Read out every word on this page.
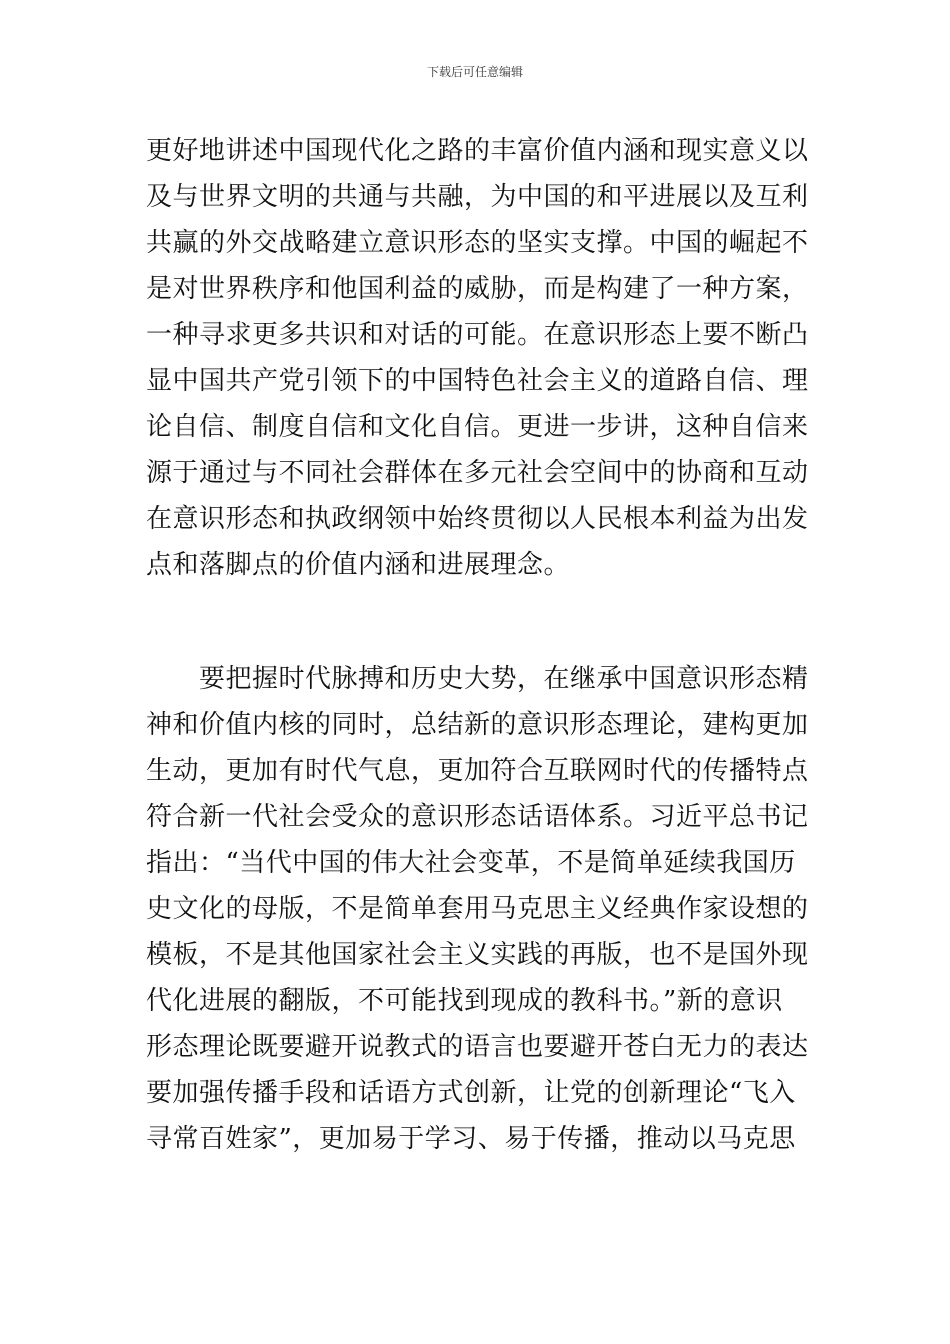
下载后可任意编辑
更好地讲述中国现代化之路的丰富价值内涵和现实意义以
及与世界文明的共通与共融，为中国的和平进展以及互利
共赢的外交战略建立意识形态的坚实支撑。中国的崛起不
是对世界秩序和他国利益的威胁，而是构建了一种方案，
一种寻求更多共识和对话的可能。在意识形态上要不断凸
显中国共产党引领下的中国特色社会主义的道路自信、理
论自信、制度自信和文化自信。更进一步讲，这种自信来
源于通过与不同社会群体在多元社会空间中的协商和互动
在意识形态和执政纲领中始终贯彻以人民根本利益为出发
点和落脚点的价值内涵和进展理念。
　　要把握时代脉搏和历史大势，在继承中国意识形态精
神和价值内核的同时，总结新的意识形态理论，建构更加
生动，更加有时代气息，更加符合互联网时代的传播特点
符合新一代社会受众的意识形态话语体系。习近平总书记
指出：“当代中国的伟大社会变革，不是简单延续我国历
史文化的母版，不是简单套用马克思主义经典作家设想的
模板，不是其他国家社会主义实践的再版，也不是国外现
代化进展的翻版，不可能找到现成的教科书。”新的意识
形态理论既要避开说教式的语言也要避开苍白无力的表达
要加强传播手段和话语方式创新，让党的创新理论“飞入
寻常百姓家”，更加易于学习、易于传播，推动以马克思
